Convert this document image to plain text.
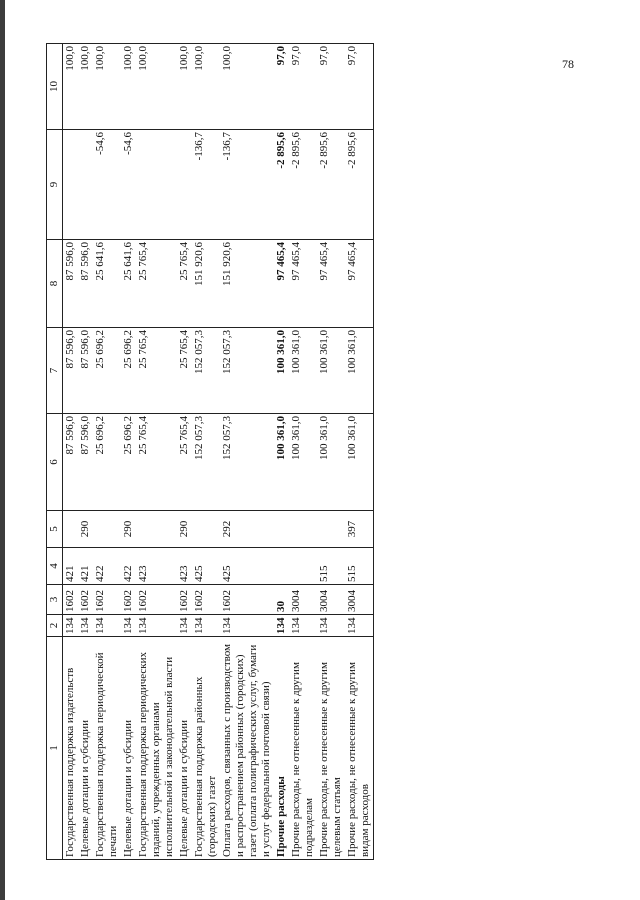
78
1	2	3	4	5	6	7	8	9	10
Государственная поддержка издательств	134	1602	421		87 596,0	87 596,0	87 596,0		100,0
Целевые дотации и субсидии	134	1602	421	290	87 596,0	87 596,0	87 596,0		100,0
Государственная поддержка периодической печати	134	1602	422		25 696,2	25 696,2	25 641,6	-54,6	100,0
Целевые дотации и субсидии	134	1602	422	290	25 696,2	25 696,2	25 641,6	-54,6	100,0
Государственная поддержка периодических изданий, учрежденных органами исполнительной и законодательной власти	134	1602	423		25 765,4	25 765,4	25 765,4		100,0
Целевые дотации и субсидии	134	1602	423	290	25 765,4	25 765,4	25 765,4		100,0
Государственная поддержка районных (городских) газет	134	1602	425		152 057,3	152 057,3	151 920,6	-136,7	100,0
Оплата расходов, связанных с производством и распространением районных (городских) газет (оплата полиграфических услуг, бумаги и услуг федеральной почтовой связи)	134	1602	425	292	152 057,3	152 057,3	151 920,6	-136,7	100,0
Прочие расходы	134	30			100 361,0	100 361,0	97 465,4	-2 895,6	97,0
Прочие расходы, не отнесенные к другим подразделам	134	3004			100 361,0	100 361,0	97 465,4	-2 895,6	97,0
Прочие расходы, не отнесенные к другим целевым статьям	134	3004	515		100 361,0	100 361,0	97 465,4	-2 895,6	97,0
Прочие расходы, не отнесенные к другим видам расходов	134	3004	515	397	100 361,0	100 361,0	97 465,4	-2 895,6	97,0
